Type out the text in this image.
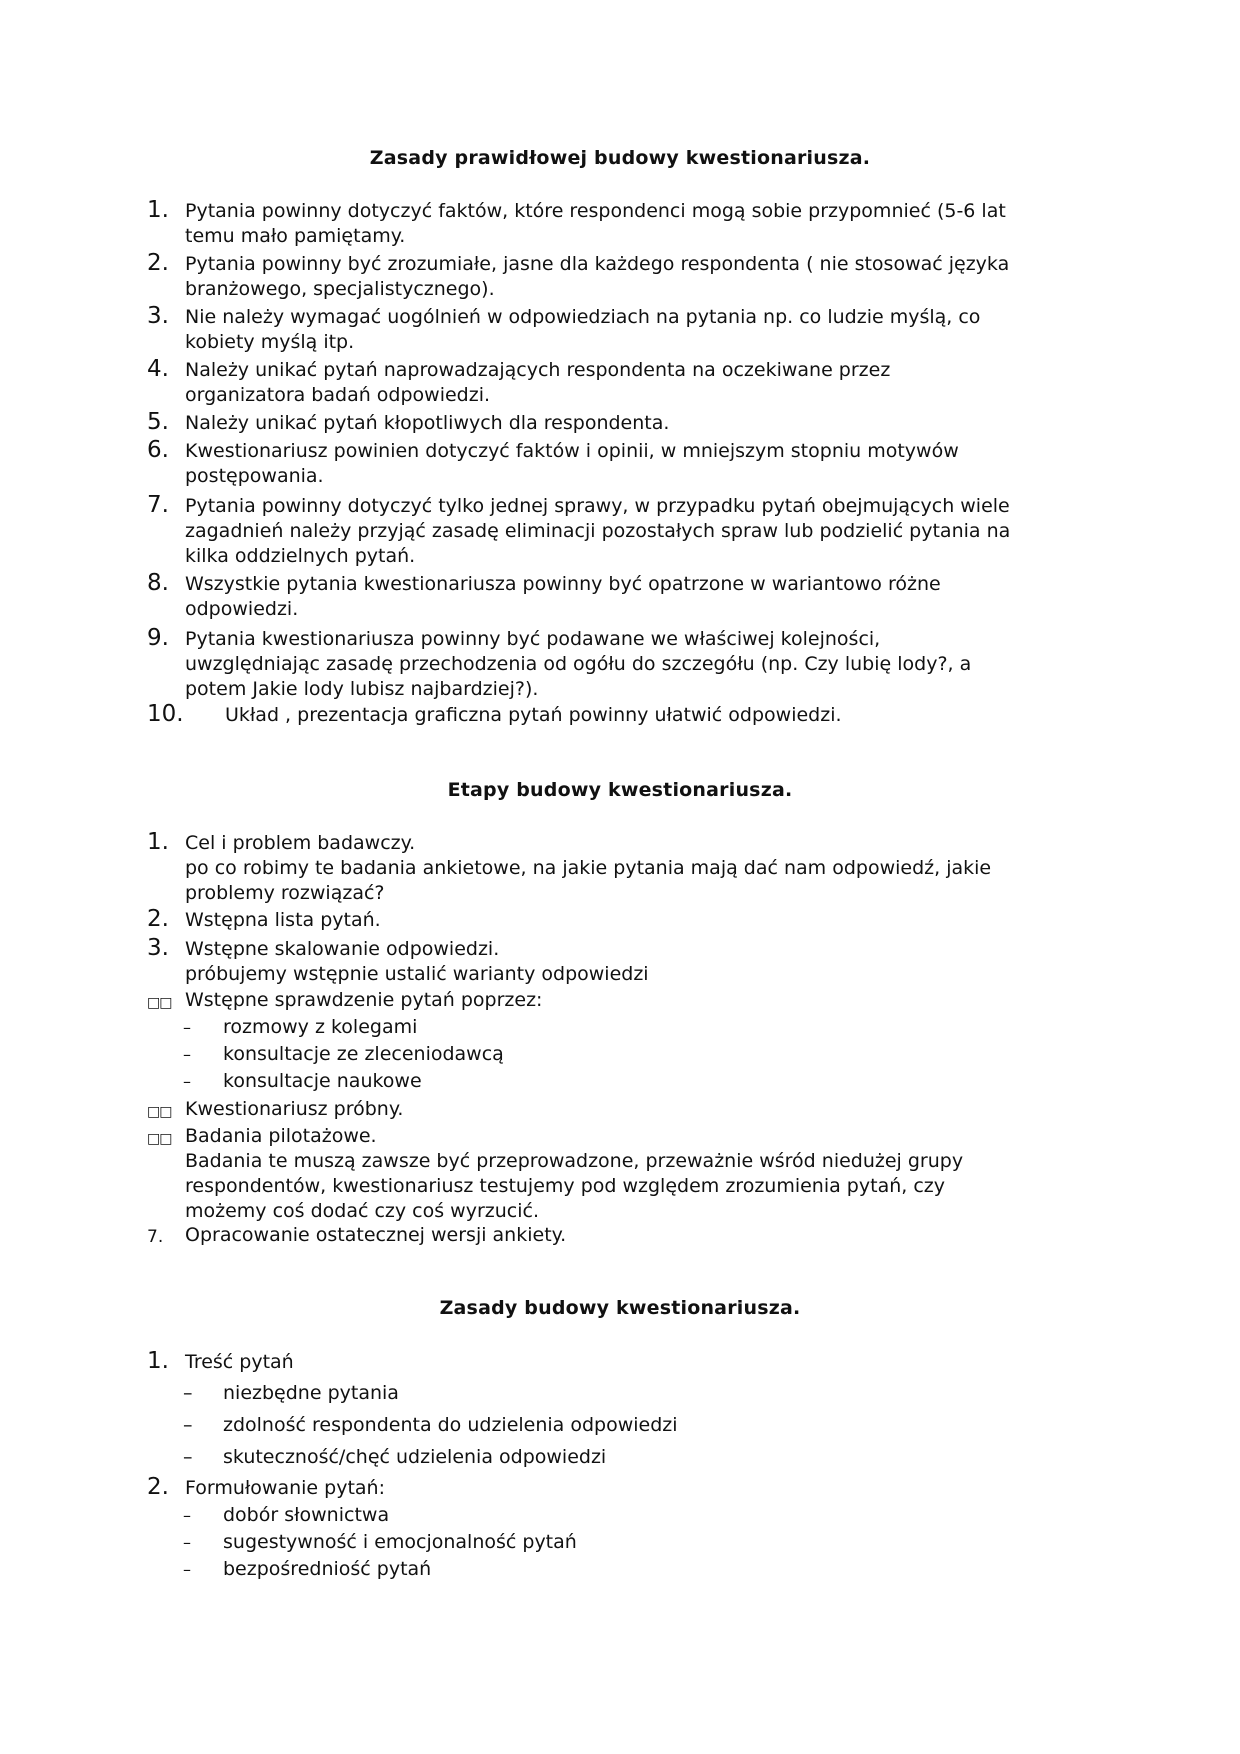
Zasady prawidłowej budowy kwestionariusza.
1. Pytania powinny dotyczyć faktów, które respondenci mogą sobie przypomnieć (5-6 lat
temu mało pamiętamy.
2. Pytania powinny być zrozumiałe, jasne dla każdego respondenta ( nie stosować języka
branżowego, specjalistycznego).
3. Nie należy wymagać uogólnień w odpowiedziach na pytania np. co ludzie myślą, co
kobiety myślą itp.
4. Należy unikać pytań naprowadzających respondenta na oczekiwane przez
organizatora badań odpowiedzi.
5. Należy unikać pytań kłopotliwych dla respondenta.
6. Kwestionariusz powinien dotyczyć faktów i opinii, w mniejszym stopniu motywów
postępowania.
7. Pytania powinny dotyczyć tylko jednej sprawy, w przypadku pytań obejmujących wiele
zagadnień należy przyjąć zasadę eliminacji pozostałych spraw lub podzielić pytania na
kilka oddzielnych pytań.
8. Wszystkie pytania kwestionariusza powinny być opatrzone w wariantowo różne
odpowiedzi.
9. Pytania kwestionariusza powinny być podawane we właściwej kolejności,
uwzględniając zasadę przechodzenia od ogółu do szczegółu (np. Czy lubię lody?, a
potem Jakie lody lubisz najbardziej?).
10. Układ , prezentacja graficzna pytań powinny ułatwić odpowiedzi.
Etapy budowy kwestionariusza.
1. Cel i problem badawczy.
po co robimy te badania ankietowe, na jakie pytania mają dać nam odpowiedź, jakie
problemy rozwiązać?
2. Wstępna lista pytań.
3. Wstępne skalowanie odpowiedzi.
próbujemy wstępnie ustalić warianty odpowiedzi
□□ Wstępne sprawdzenie pytań poprzez:
–	rozmowy z kolegami
–	konsultacje ze zleceniodawcą
–	konsultacje naukowe
□□ Kwestionariusz próbny.
□□ Badania pilotażowe.
Badania te muszą zawsze być przeprowadzone, przeważnie wśród niedużej grupy
respondentów, kwestionariusz testujemy pod względem zrozumienia pytań, czy
możemy coś dodać czy coś wyrzucić.
7.	Opracowanie ostatecznej wersji ankiety.
Zasady budowy kwestionariusza.
1. Treść pytań
–	niezbędne pytania
–	zdolność respondenta do udzielenia odpowiedzi
–	skuteczność/chęć udzielenia odpowiedzi
2. Formułowanie pytań:
–	dobór słownictwa
–	sugestywność i emocjonalność pytań
–	bezpośredniość pytań
